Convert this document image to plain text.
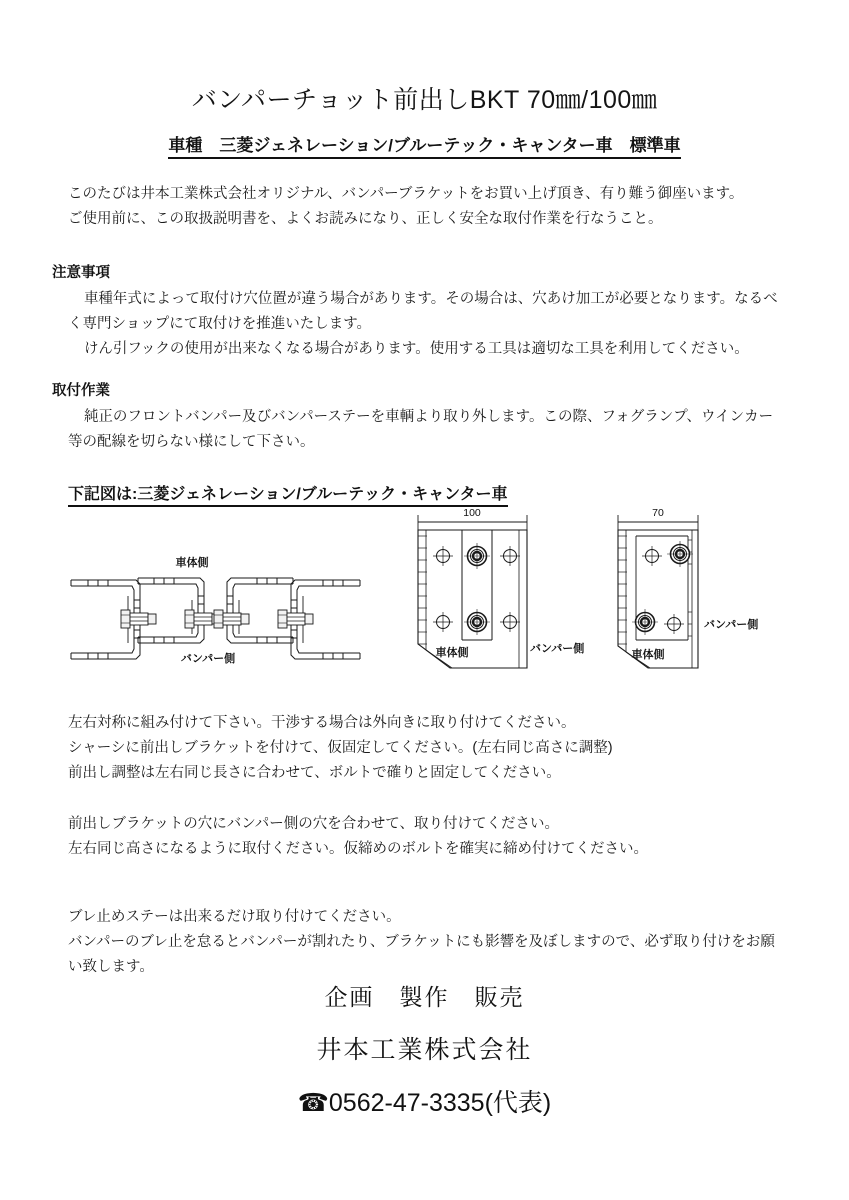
バンパーチョット前出しBKT 70㎜/100㎜
車種　三菱ジェネレーション/ブルーテック・キャンター車　標準車

このたびは井本工業株式会社オリジナル、バンパーブラケットをお買い上げ頂き、有り難う御座います。

ご使用前に、この取扱説明書を、よくお読みになり、正しく安全な取付作業を行なうこと。

注意事項

車種年式によって取付け穴位置が違う場合があります。その場合は、穴あけ加工が必要となります。なるべく専門ショップにて取付けを推進いたします。

けん引フックの使用が出来なくなる場合があります。使用する工具は適切な工具を利用してください。

取付作業

純正のフロントバンパー及びバンパーステーを車輌より取り外します。この際、フォグランプ、ウインカー等の配線を切らない様にして下さい。

下記図は:三菱ジェネレーション/ブルーテック・キャンター車
車体側
バンパー側
100
車体側	バンパー側
70
車体側
バンパー側

左右対称に組み付けて下さい。干渉する場合は外向きに取り付けてください。

シャーシに前出しブラケットを付けて、仮固定してください。(左右同じ高さに調整)

前出し調整は左右同じ長さに合わせて、ボルトで確りと固定してください。

前出しブラケットの穴にバンパー側の穴を合わせて、取り付けてください。

左右同じ高さになるように取付ください。仮締めのボルトを確実に締め付けてください。

ブレ止めステーは出来るだけ取り付けてください。

バンパーのブレ止を怠るとバンパーが割れたり、ブラケットにも影響を及ぼしますので、必ず取り付けをお願い致します。

企画　製作　販売
井本工業株式会社
☎0562-47-3335(代表)
